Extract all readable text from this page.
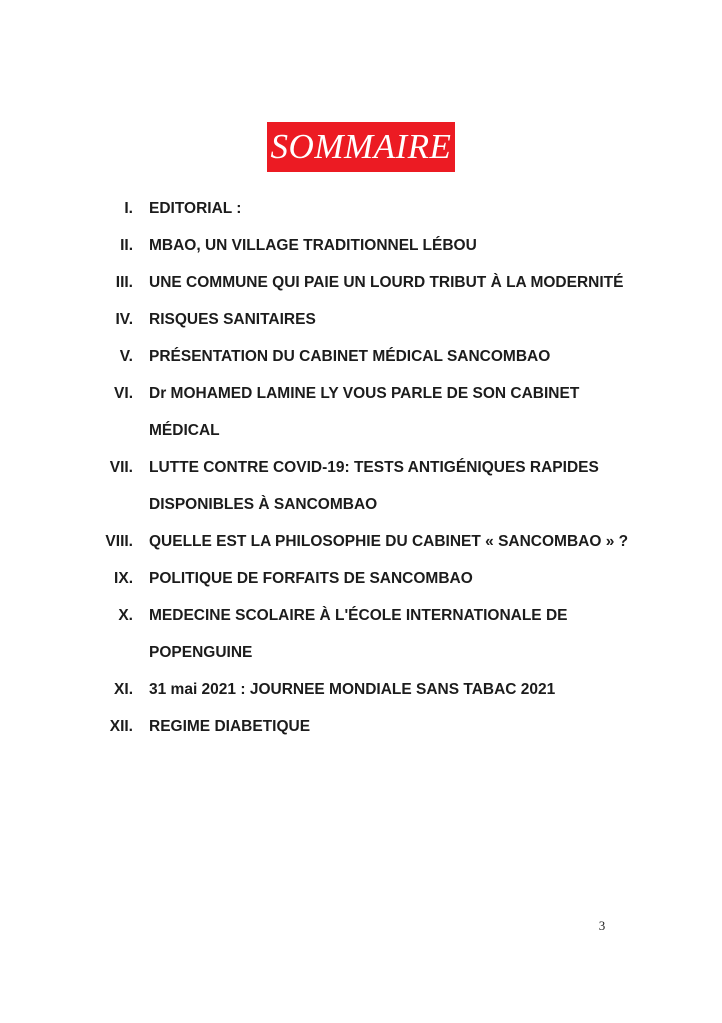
SOMMAIRE
I. EDITORIAL :
II. MBAO, UN VILLAGE TRADITIONNEL LÉBOU
III. UNE COMMUNE QUI PAIE UN LOURD TRIBUT À LA MODERNITÉ
IV. RISQUES SANITAIRES
V. PRÉSENTATION DU CABINET MÉDICAL SANCOMBAO
VI. Dr MOHAMED LAMINE LY VOUS PARLE DE SON CABINET
MÉDICAL
VII. LUTTE CONTRE COVID-19: TESTS ANTIGÉNIQUES RAPIDES
DISPONIBLES À SANCOMBAO
VIII. QUELLE EST LA PHILOSOPHIE DU CABINET « SANCOMBAO » ?
IX. POLITIQUE DE FORFAITS DE SANCOMBAO
X. MEDECINE SCOLAIRE À L'ÉCOLE INTERNATIONALE DE
POPENGUINE
XI. 31 mai 2021 : JOURNEE MONDIALE SANS TABAC 2021
XII. REGIME DIABETIQUE
3
